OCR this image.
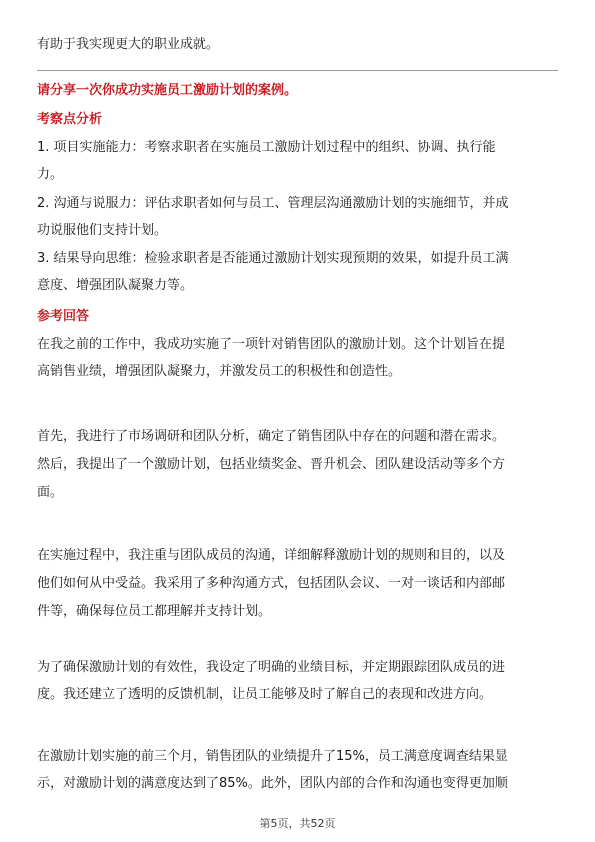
有助于我实现更大的职业成就。
请分享一次你成功实施员工激励计划的案例。
考察点分析
1. 项目实施能力：考察求职者在实施员工激励计划过程中的组织、协调、执行能
力。
2. 沟通与说服力：评估求职者如何与员工、管理层沟通激励计划的实施细节，并成
功说服他们支持计划。
3. 结果导向思维：检验求职者是否能通过激励计划实现预期的效果，如提升员工满
意度、增强团队凝聚力等。
参考回答
在我之前的工作中，我成功实施了一项针对销售团队的激励计划。这个计划旨在提
高销售业绩，增强团队凝聚力，并激发员工的积极性和创造性。
首先，我进行了市场调研和团队分析，确定了销售团队中存在的问题和潜在需求。
然后，我提出了一个激励计划，包括业绩奖金、晋升机会、团队建设活动等多个方
面。
在实施过程中，我注重与团队成员的沟通，详细解释激励计划的规则和目的，以及
他们如何从中受益。我采用了多种沟通方式，包括团队会议、一对一谈话和内部邮
件等，确保每位员工都理解并支持计划。
为了确保激励计划的有效性，我设定了明确的业绩目标，并定期跟踪团队成员的进
度。我还建立了透明的反馈机制，让员工能够及时了解自己的表现和改进方向。
在激励计划实施的前三个月，销售团队的业绩提升了15%，员工满意度调查结果显
示，对激励计划的满意度达到了85%。此外，团队内部的合作和沟通也变得更加顺
第5页，共52页
